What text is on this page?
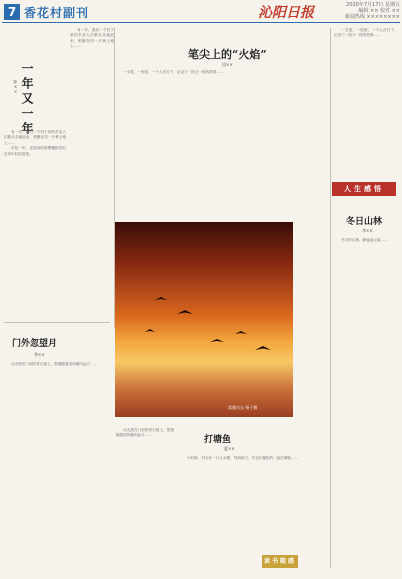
7 香花村副刊	沁阳日报	2020年7月17日 星期五
编辑 ×× 校对 ××
新闻热线 ××××××××
一年又一年
李××

有一年，我们一个村子里的乡亲人们都从各地赶来，相聚在同一片黄土地上……

年复一年，老屋前的那棵槐树依旧在风中轻轻摇曳。

有一年，我们一个村子里的乡亲人们都从各地赶来，相聚在同一片黄土地上……

门外忽望月
李××

月光洒在门前的青石板上，思绪随着清风飘向远方……

月光洒在门前的青石板上，思绪随着清风飘向远方……

笔尖上的“火焰”
段××

一支笔，一张纸，一个人在灯下，记录下一段又一段的故事……

落雁归去 杨子摄
打塘鱼
夏××

小时候，村头有一口大水塘，每到秋天，乡亲们便相约一起打塘鱼……

读书随感

一支笔，一张纸，一个人在灯下，记录下一段又一段的故事……

人生感悟
冬日山林
李××

冬日的山林，静谧而辽阔……
